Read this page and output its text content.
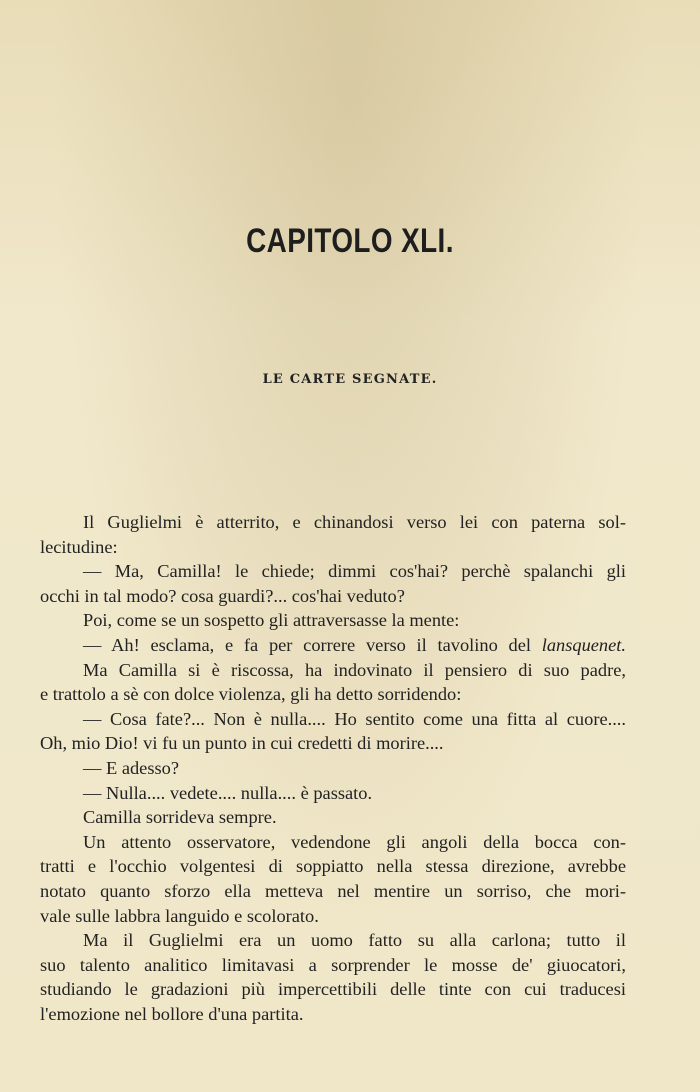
CAPITOLO XLI.
LE CARTE SEGNATE.
Il Guglielmi è atterrito, e chinandosi verso lei con paterna sol-
lecitudine:
— Ma, Camilla! le chiede; dimmi cos'hai? perchè spalanchi gli
occhi in tal modo? cosa guardi?... cos'hai veduto?
Poi, come se un sospetto gli attraversasse la mente:
— Ah! esclama, e fa per correre verso il tavolino del lansquenet.
Ma Camilla si è riscossa, ha indovinato il pensiero di suo padre,
e trattolo a sè con dolce violenza, gli ha detto sorridendo:
— Cosa fate?... Non è nulla.... Ho sentito come una fitta al cuore....
Oh, mio Dio! vi fu un punto in cui credetti di morire....
— E adesso?
— Nulla.... vedete.... nulla.... è passato.
Camilla sorrideva sempre.
Un attento osservatore, vedendone gli angoli della bocca con-
tratti e l'occhio volgentesi di soppiatto nella stessa direzione, avrebbe
notato quanto sforzo ella metteva nel mentire un sorriso, che mori-
vale sulle labbra languido e scolorato.
Ma il Guglielmi era un uomo fatto su alla carlona; tutto il
suo talento analitico limitavasi a sorprender le mosse de' giuocatori,
studiando le gradazioni più impercettibili delle tinte con cui traducesi
l'emozione nel bollore d'una partita.
